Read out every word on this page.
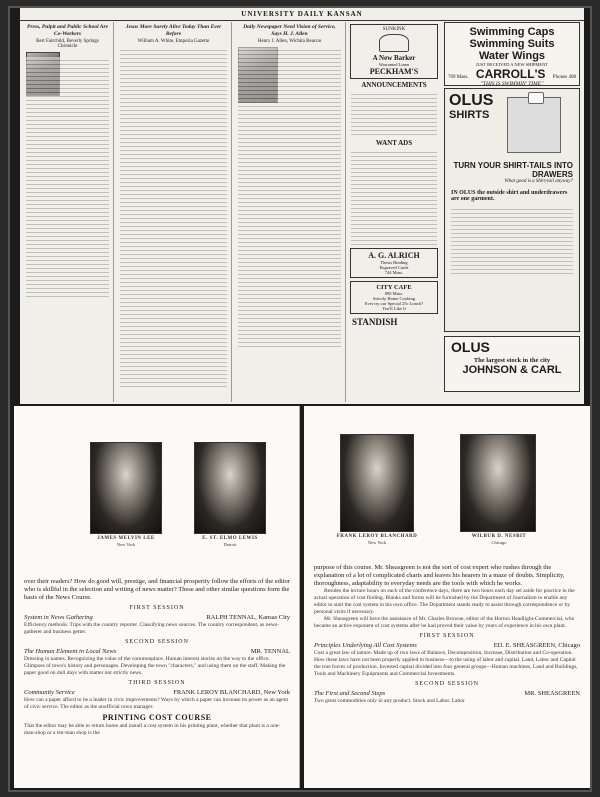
UNIVERSITY DAILY KANSAN
Press, Pulpit and Public School Are Co-Workers
Bert Fairchild, Beverly Springs Chronicle
Jesus More Surely Alive Today Than Ever Before
William A. White, Emporia Gazette
Daily Newspaper Need Vision of Service, Says H. J. Allen
Henry J. Allen, Wichita Beacon
SUNKINK
A New Barker
Warranted Linen
PECKHAM'S
ANNOUNCEMENTS
WANT ADS
A. G. ALRICH
Thesis Binding
Engraved Cards
744 Mass.
CITY CAFE
890 Mass.
Strictly Home Cooking
Ever try our Special 25c Lunch?
You'll Like It
STANDISH
Swimming Caps
Swimming Suits
Water Wings
JUST RECEIVED A NEW SHIPMENT
709 Mass. CARROLL'S Phones 408
"THIS IS SWIMMIN' TIME"
OLUS
SHIRTS
TURN YOUR SHIRT-TAILS INTO DRAWERS
What good is a Shirt-tail anyway?
IN OLUS the outside shirt and underdrawers are one garment.
OLUS
The largest stock in the city
JOHNSON & CARL
JAMES MELVIN LEE
New York
E. ST. ELMO LEWIS
Detroit

over their readers? How do good will, prestige, and financial prosperity follow the efforts of the editor who is skillful in the selection and writing of news matter? These and other similar questions form the basis of the News Course.

FIRST SESSION
System in News Gathering	RALPH TENNAL, Kansas City

Efficiency methods. Trips with the country reporter. Classifying news sources. The country correspondent, as news-gatherer and business getter.

SECOND SESSION
The Human Element in Local News	MR. TENNAL

Dressing in names. Recognizing the value of the commonplace. Human interest stories on the way to the office. Glimpses of town's history and personages. Developing the town "characters," and using them on the staff. Making the paper good on dull days with matter not strictly news.

THIRD SESSION
Community Service	FRANK LEROY BLANCHARD, New York

How can a paper afford to be a leader in civic improvements? Ways by which a paper can increase its power as an agent of civic service. The editor as the unofficial town manager.

PRINTING COST COURSE

That the editor may be able to return home and install a cost system in his printing plant, whether that plant is a one-man-shop or a ten-man shop is the

FRANK LEROY BLANCHARD
New York
WILBUR D. NESBIT
Chicago

purpose of this course. Mr. Sheasgreen is not the sort of cost expert who rushes through the explanation of a lot of complicated charts and leaves his hearers in a maze of doubts. Simplicity, thoroughness, adaptability to everyday needs are the tools with which he works.

Besides the lecture hours on each of the conference days, there are two hours each day set aside for practice in the actual operation of cost finding. Blanks and forms will be furnished by the Department of Journalism to enable any editor to start the cost system in his own office. The Department stands ready to assist through correspondence or by personal visits if necessary.

Mr. Sheasgreen will have the assistance of Mr. Charles Browne, editor of the Horton Headlight-Commercial, who became an active exponent of cost systems after he had proved their value by years of experience in his own plant.

FIRST SESSION
Principles Underlying All Cost Systems	ED. E. SHEASGREEN, Chicago

Cost a great law of nature. Made up of two laws of Balance, Decomposition, Increase, Distribution and Co-operation. How these laws have not been properly applied to business—to the using of labor and capital. Land, Labor and Capital the true forces of production. Invested capital divided into four general groups—Human machines, Land and Buildings, Tools and Machinery Equipments and Commercial Investments.

SECOND SESSION
The First and Second Steps	MR. SHEASGREEN

Two great commodities only in any product. Stock and Labor. Labor
